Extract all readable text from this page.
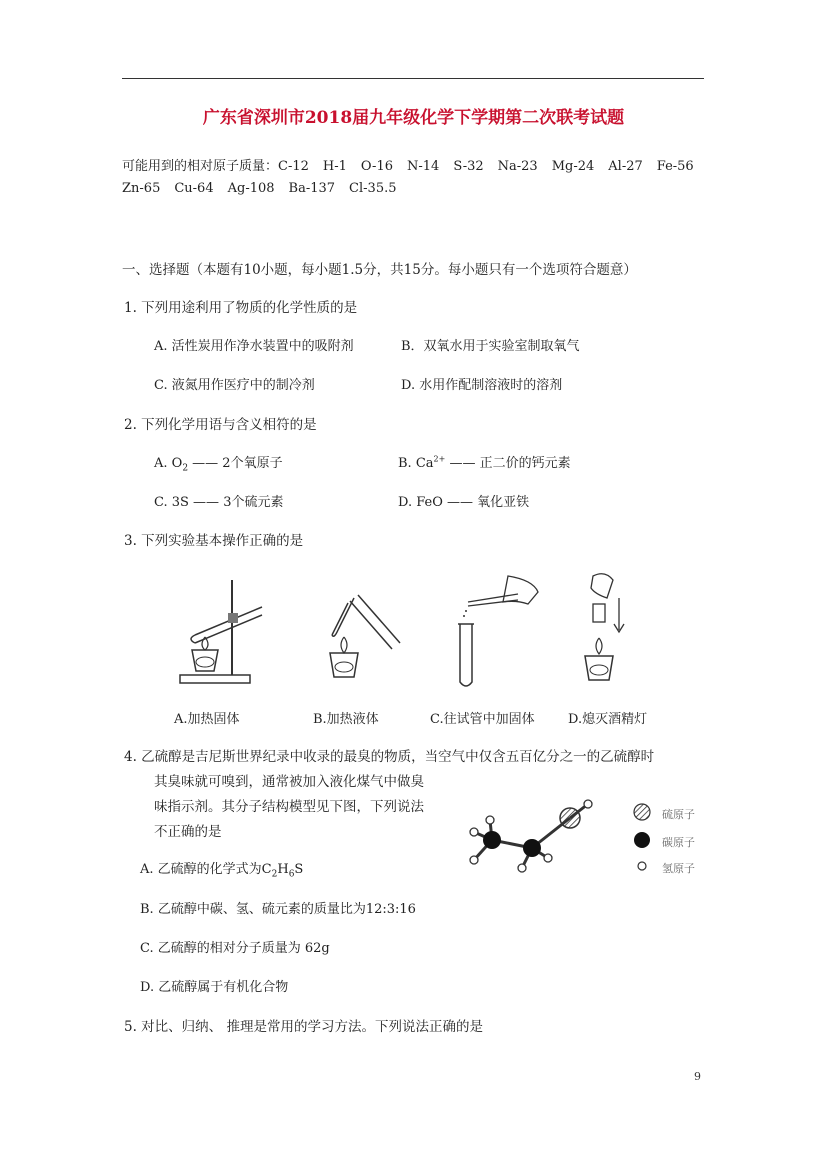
广东省深圳市2018届九年级化学下学期第二次联考试题
可能用到的相对原子质量：C-12 H-1 O-16 N-14 S-32 Na-23 Mg-24 Al-27 Fe-56
Zn-65 Cu-64 Ag-108 Ba-137 Cl-35.5
一、选择题（本题有10小题，每小题1.5分，共15分。每小题只有一个选项符合题意）
1. 下列用途利用了物质的化学性质的是
A. 活性炭用作净水装置中的吸附剂	B．双氧水用于实验室制取氧气
C. 液氮用作医疗中的制冷剂	D. 水用作配制溶液时的溶剂
2. 下列化学用语与含义相符的是
A. $O_2$ —— 2个氧原子	B. $Ca^{2+}$ —— 正二价的钙元素
C. 3S —— 3个硫元素	D. FeO —— 氧化亚铁
3. 下列实验基本操作正确的是
A.加热固体	B.加热液体	C.往试管中加固体	D.熄灭酒精灯
4. 乙硫醇是吉尼斯世界纪录中收录的最臭的物质，当空气中仅含五百亿分之一的乙硫醇时
其臭味就可嗅到，通常被加入液化煤气中做臭
味指示剂。其分子结构模型见下图，下列说法
不正确的是
硫原子
碳原子
氢原子
A. 乙硫醇的化学式为$C_2H_6S$
B. 乙硫醇中碳、氢、硫元素的质量比为12:3:16
C. 乙硫醇的相对分子质量为 62g
D. 乙硫醇属于有机化合物
5. 对比、归纳、 推理是常用的学习方法。下列说法正确的是
9
